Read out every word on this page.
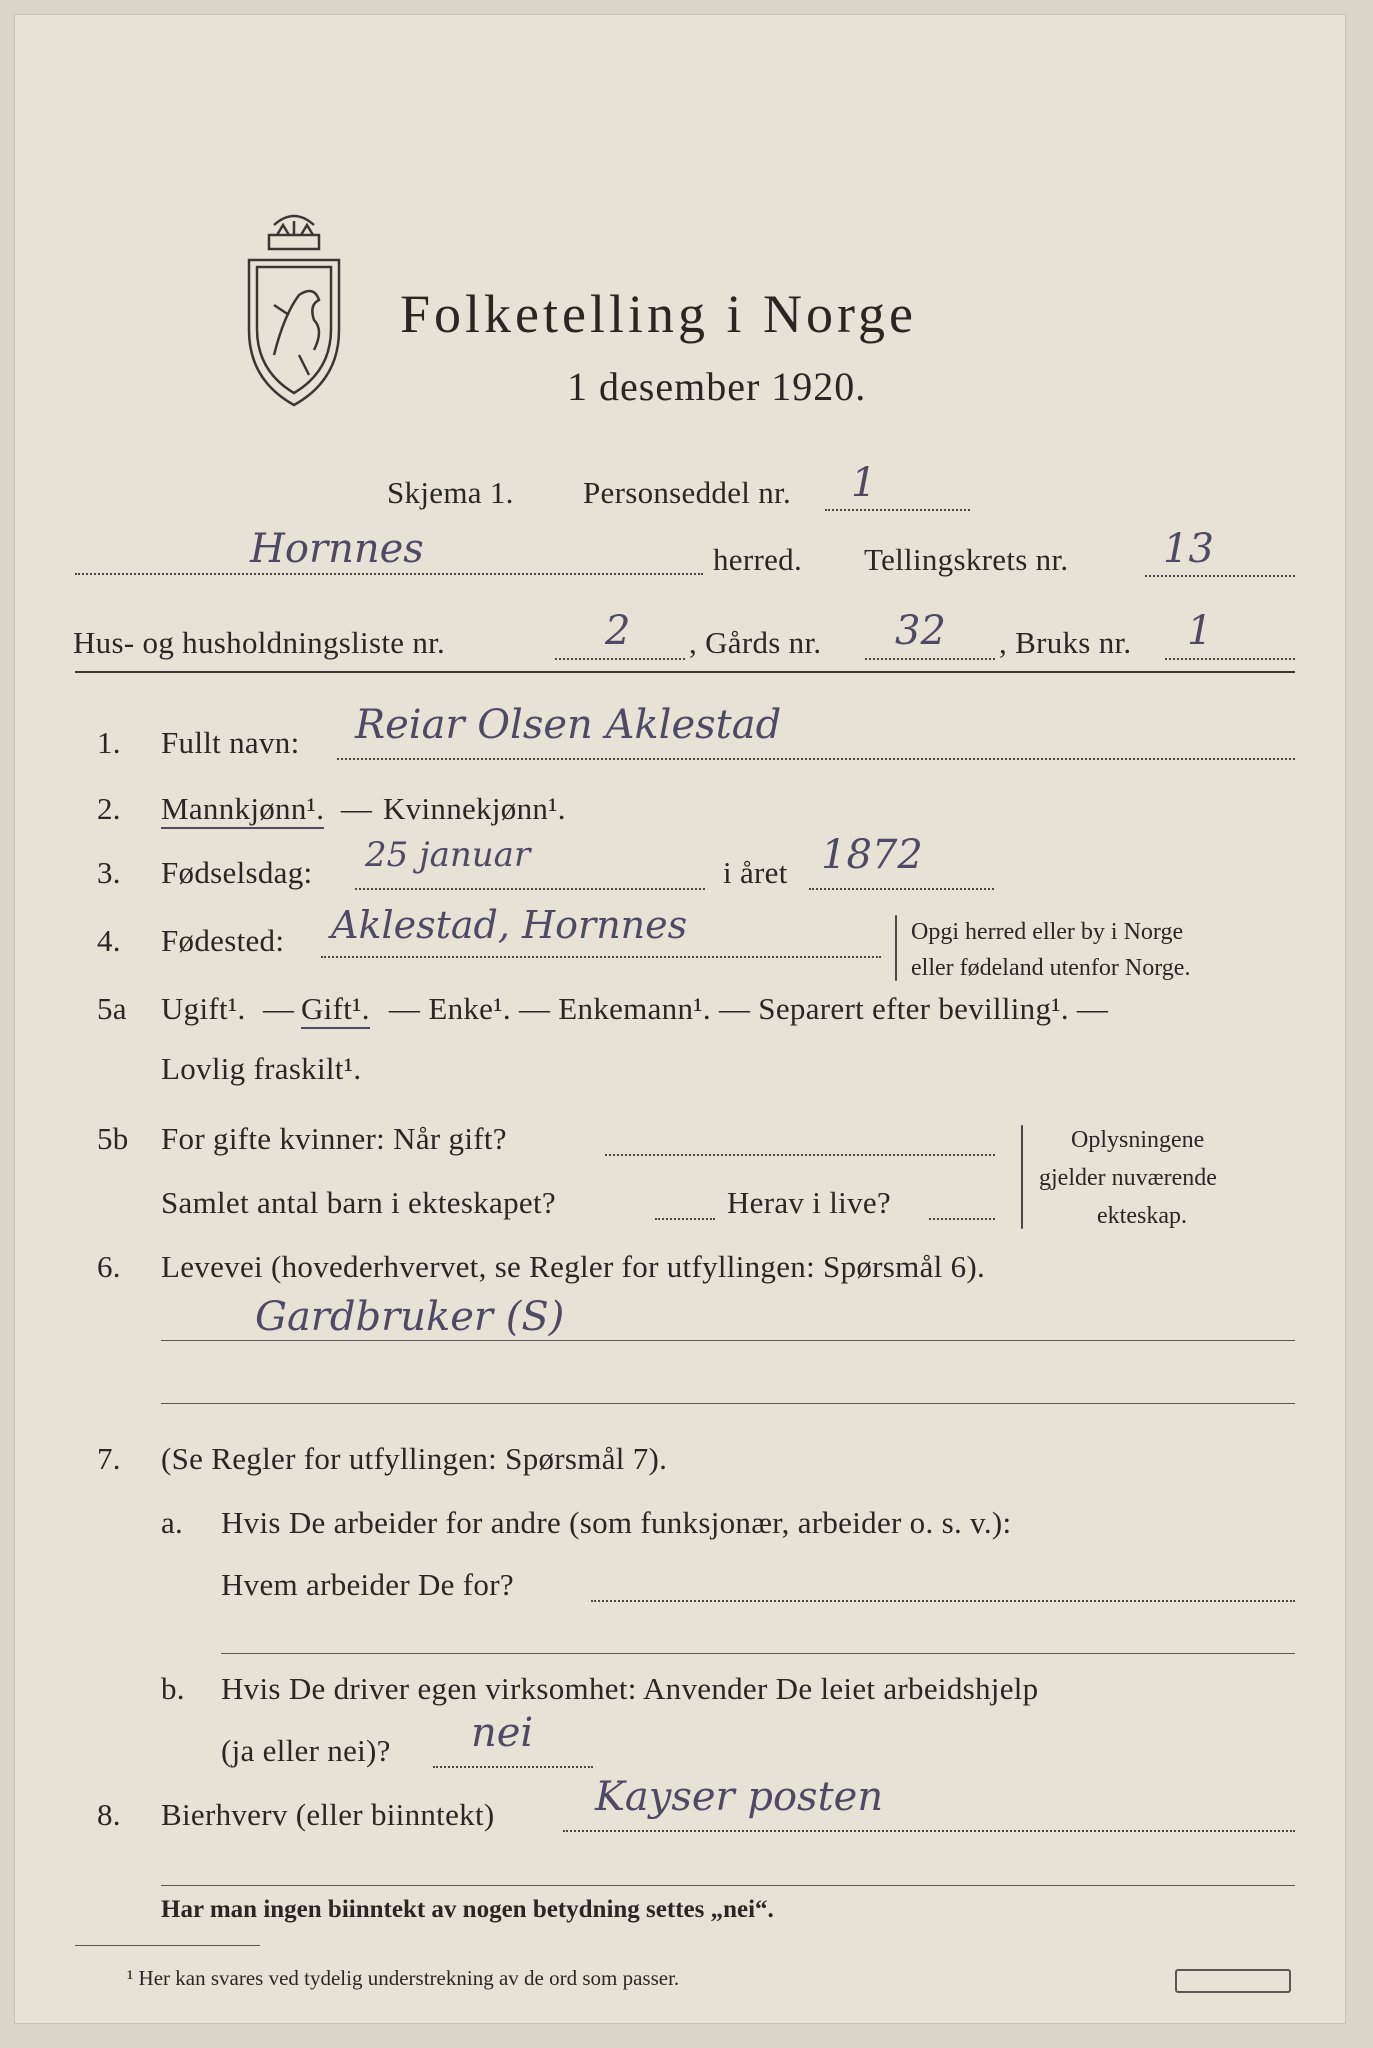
Folketelling i Norge
1 desember 1920.
Skjema 1. Personseddel nr. 1
Hornnes	herred. Tellingskrets nr. 13
Hus- og husholdningsliste nr.	2 , Gårds nr. 32 , Bruks nr. 1
1. Fullt navn: Reiar Olsen Aklestad
2. Mannkjønn¹. — Kvinnekjønn¹.
3. Fødselsdag: 25 januar	i året 1872
4. Fødested: Aklestad, Hornnes	Opgi herred eller by i Norge
eller fødeland utenfor Norge.
5a Ugift¹. — Gift¹. — Enke¹. — Enkemann¹. — Separert efter bevilling¹. —
Lovlig fraskilt¹.
5b For gifte kvinner: Når gift?
Samlet antal barn i ekteskapet?	Herav i live?
Oplysningene
gjelder nuværende
ekteskap.
6. Levevei (hovederhvervet, se Regler for utfyllingen: Spørsmål 6).
Gardbruker (S)
7. (Se Regler for utfyllingen: Spørsmål 7).
a. Hvis De arbeider for andre (som funksjonær, arbeider o. s. v.):
Hvem arbeider De for?
b. Hvis De driver egen virksomhet: Anvender De leiet arbeidshjelp
(ja eller nei)? nei
8. Bierhverv (eller biinntekt)	Kayser posten
Har man ingen biinntekt av nogen betydning settes „nei“.
¹ Her kan svares ved tydelig understrekning av de ord som passer.
